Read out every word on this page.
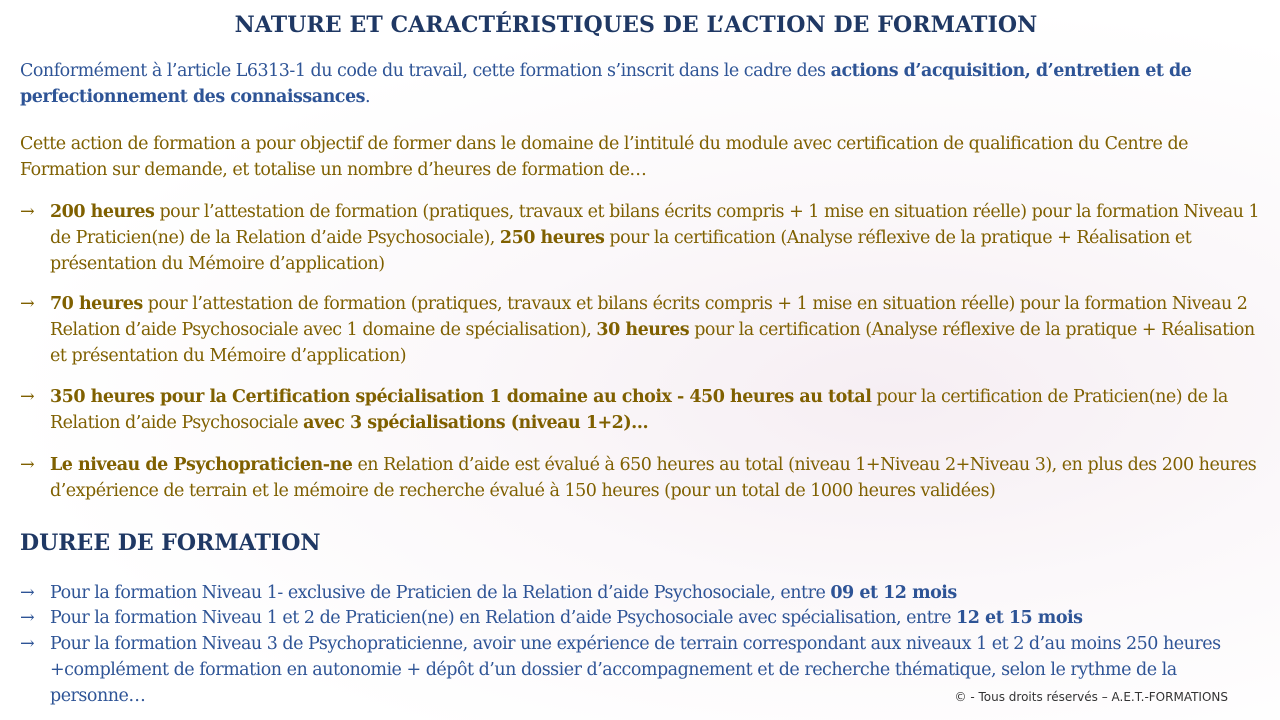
NATURE ET CARACTÉRISTIQUES DE L’ACTION DE FORMATION
Conformément à l’article L6313-1 du code du travail, cette formation s’inscrit dans le cadre des actions d’acquisition, d’entretien et de perfectionnement des connaissances.
Cette action de formation a pour objectif de former dans le domaine de l’intitulé du module avec certification de qualification du Centre de Formation sur demande, et totalise un nombre d’heures de formation de…
→ 200 heures pour l’attestation de formation (pratiques, travaux et bilans écrits compris + 1 mise en situation réelle) pour la formation Niveau 1 de Praticien(ne) de la Relation d’aide Psychosociale), 250 heures pour la certification (Analyse réflexive de la pratique + Réalisation et présentation du Mémoire d’application)
→ 70 heures pour l’attestation de formation (pratiques, travaux et bilans écrits compris + 1 mise en situation réelle) pour la formation Niveau 2 Relation d’aide Psychosociale avec 1 domaine de spécialisation), 30 heures pour la certification (Analyse réflexive de la pratique + Réalisation et présentation du Mémoire d’application)
→ 350 heures pour la Certification spécialisation 1 domaine au choix - 450 heures au total pour la certification de Praticien(ne) de la Relation d’aide Psychosociale avec 3 spécialisations (niveau 1+2)…
→ Le niveau de Psychopraticien-ne en Relation d’aide est évalué à 650 heures au total (niveau 1+Niveau 2+Niveau 3), en plus des 200 heures d’expérience de terrain et le mémoire de recherche évalué à 150 heures (pour un total de 1000 heures validées)
DUREE DE FORMATION
→ Pour la formation Niveau 1- exclusive de Praticien de la Relation d’aide Psychosociale, entre 09 et 12 mois
→ Pour la formation Niveau 1 et 2 de Praticien(ne) en Relation d’aide Psychosociale avec spécialisation, entre 12 et 15 mois
→ Pour la formation Niveau 3 de Psychopraticienne, avoir une expérience de terrain correspondant aux niveaux 1 et 2 d’au moins 250 heures +complément de formation en autonomie + dépôt d’un dossier d’accompagnement et de recherche thématique, selon le rythme de la personne…	© - Tous droits réservés – A.E.T.-FORMATIONS
